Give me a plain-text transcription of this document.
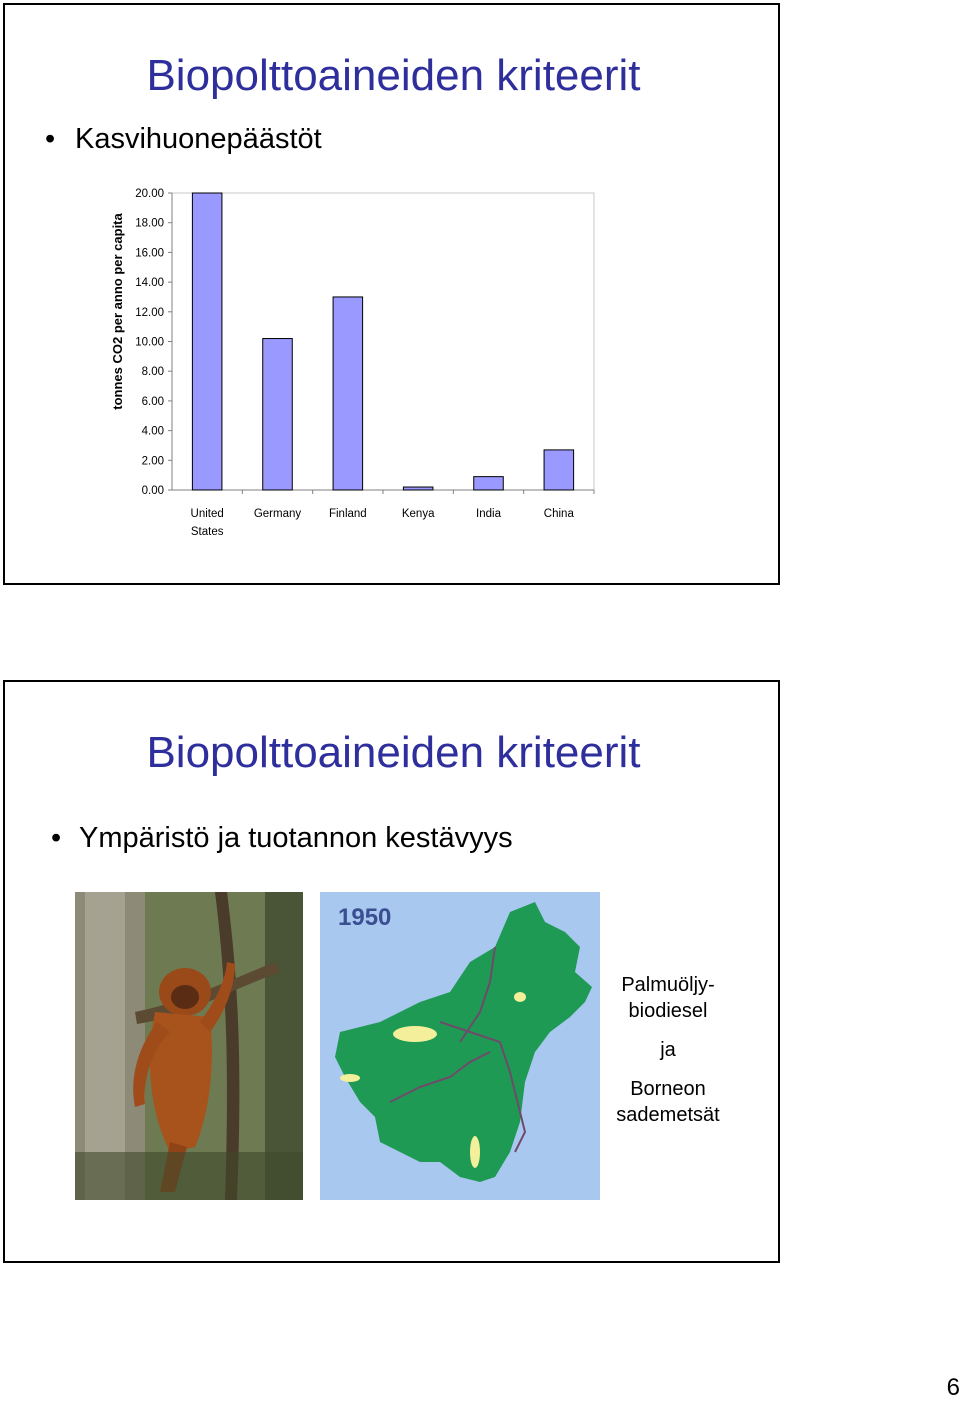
Biopolttoaineiden kriteerit
• Kasvihuonepäästöt
0.00
2.00
4.00
6.00
8.00
10.00
12.00
14.00
16.00
18.00
20.00
tonnes CO2 per anno per capita
United States
Germany Finland	Kenya	India	China
Biopolttoaineiden kriteerit
• Ympäristö ja tuotannon kestävyys
1950
Palmuöljy-
biodiesel
ja
Borneon
sademetsät
6
